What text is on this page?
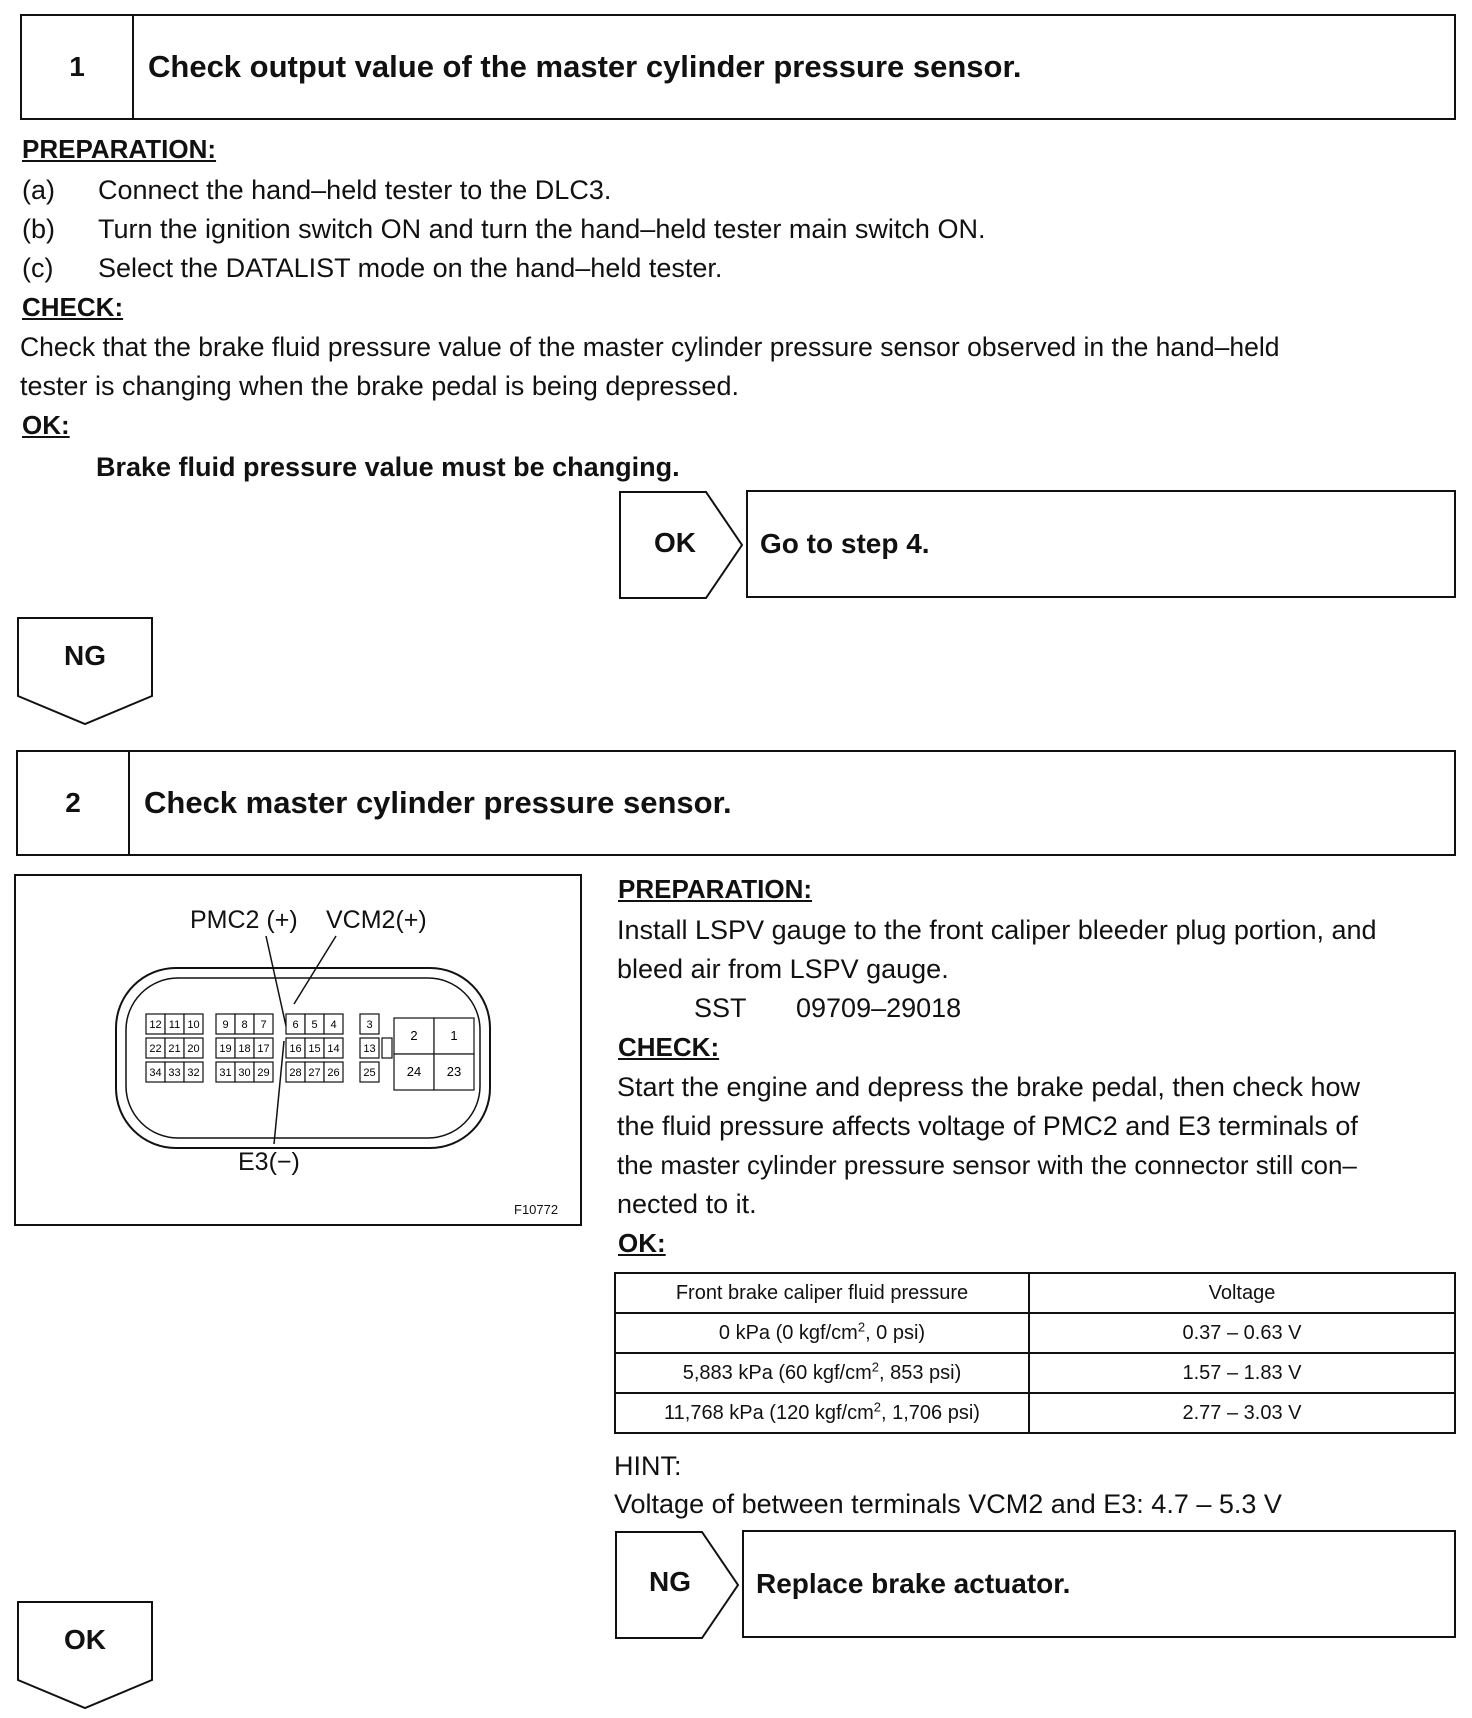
1	Check output value of the master cylinder pressure sensor.
PREPARATION:
(a) Connect the hand–held tester to the DLC3.
(b) Turn the ignition switch ON and turn the hand–held tester main switch ON.
(c) Select the DATALIST mode on the hand–held tester.
CHECK:
Check that the brake fluid pressure value of the master cylinder pressure sensor observed in the hand–held
tester is changing when the brake pedal is being depressed.
OK:
Brake fluid pressure value must be changing.
OK	Go to step 4.
NG
2	Check master cylinder pressure sensor.
12 11 10 9 8 7 6 5 4	3
22 21 20 19 18 17 16 15 14 13
34 33 32 31 30 29 28 27 26 25
2	1
24 23
PMC2 (+) VCM2(+)
E3(−)
F10772
PREPARATION:
Install LSPV gauge to the front caliper bleeder plug portion, and
bleed air from LSPV gauge.
SST 09709–29018
CHECK:
Start the engine and depress the brake pedal, then check how
the fluid pressure affects voltage of PMC2 and E3 terminals of
the master cylinder pressure sensor with the connector still con–
nected to it.
OK:
Front brake caliper fluid pressure	Voltage
0 kPa (0 kgf/$cm^2$, 0 psi)	0.37 – 0.63 V
5,883 kPa (60 kgf/$cm^2$, 853 psi)	1.57 – 1.83 V
11,768 kPa (120 kgf/$cm^2$, 1,706 psi)	2.77 – 3.03 V
HINT:
Voltage of between terminals VCM2 and E3: 4.7 – 5.3 V
NG	Replace brake actuator.
OK
